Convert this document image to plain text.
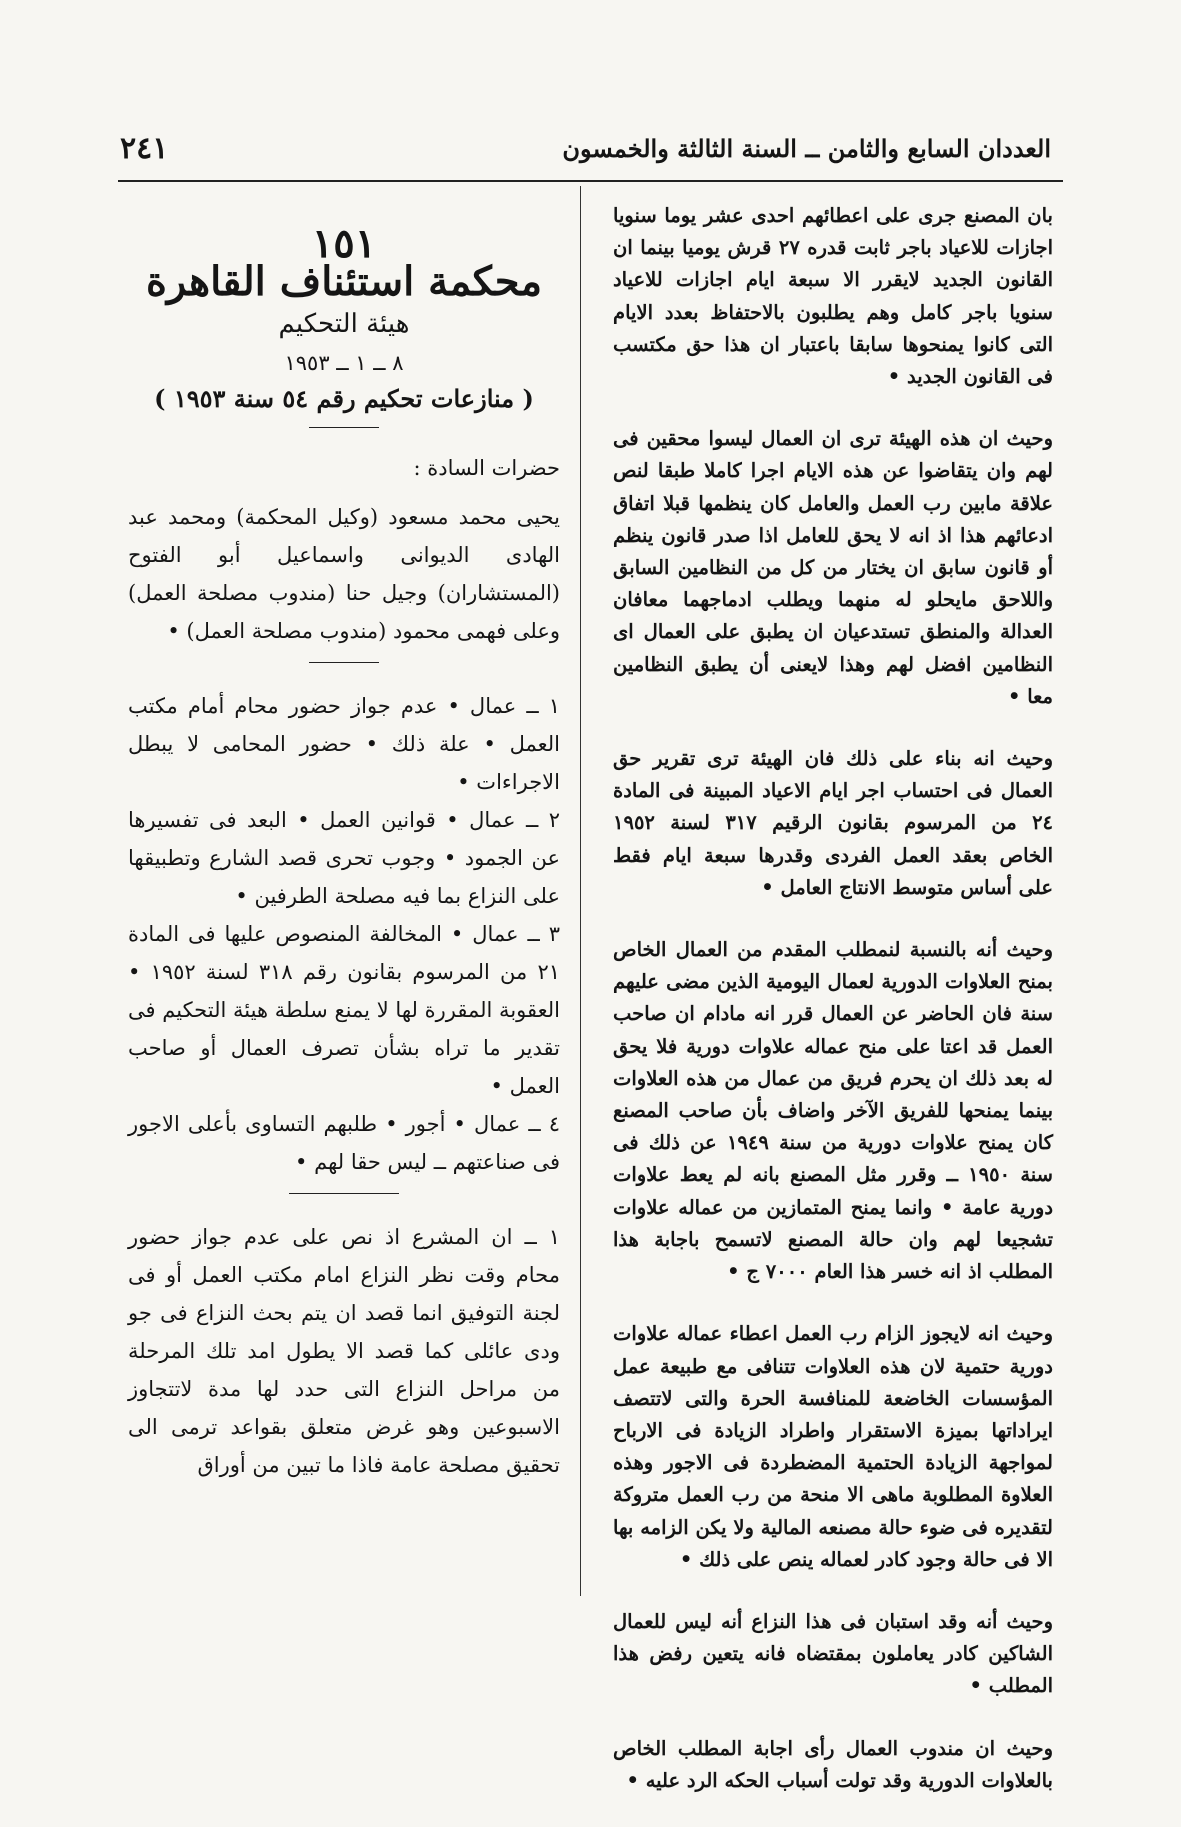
العددان السابع والثامن ــ السنة الثالثة والخمسون
٢٤١

بان المصنع جرى على اعطائهم احدى عشر يوما سنويا اجازات للاعياد باجر ثابت قدره ٢٧ قرش يوميا بينما ان القانون الجديد لايقرر الا سبعة ايام اجازات للاعياد سنويا باجر كامل وهم يطلبون بالاحتفاظ بعدد الايام التى كانوا يمنحوها سابقا باعتبار ان هذا حق مكتسب فى القانون الجديد •

وحيث ان هذه الهيئة ترى ان العمال ليسوا محقين فى لهم وان يتقاضوا عن هذه الايام اجرا كاملا طبقا لنص علاقة مابين رب العمل والعامل كان ينظمها قبلا اتفاق ادعائهم هذا اذ انه لا يحق للعامل اذا صدر قانون ينظم أو قانون سابق ان يختار من كل من النظامين السابق واللاحق مايحلو له منهما ويطلب ادماجهما معافان العدالة والمنطق تستدعيان ان يطبق على العمال اى النظامين افضل لهم وهذا لايعنى أن يطبق النظامين معا •

وحيث انه بناء على ذلك فان الهيئة ترى تقرير حق العمال فى احتساب اجر ايام الاعياد المبينة فى المادة ٢٤ من المرسوم بقانون الرقيم ٣١٧ لسنة ١٩٥٢ الخاص بعقد العمل الفردى وقدرها سبعة ايام فقط على أساس متوسط الانتاج العامل •

وحيث أنه بالنسبة لنمطلب المقدم من العمال الخاص بمنح العلاوات الدورية لعمال اليومية الذين مضى عليهم سنة فان الحاضر عن العمال قرر انه مادام ان صاحب العمل قد اعتا على منح عماله علاوات دورية فلا يحق له بعد ذلك ان يحرم فريق من عمال من هذه العلاوات بينما يمنحها للفريق الآخر واضاف بأن صاحب المصنع كان يمنح علاوات دورية من سنة ١٩٤٩ عن ذلك فى سنة ١٩٥٠ ــ وقرر مثل المصنع بانه لم يعط علاوات دورية عامة • وانما يمنح المتمازين من عماله علاوات تشجيعا لهم وان حالة المصنع لاتسمح باجابة هذا المطلب اذ انه خسر هذا العام ٧٠٠٠ ج •

وحيث انه لايجوز الزام رب العمل اعطاء عماله علاوات دورية حتمية لان هذه العلاوات تتنافى مع طبيعة عمل المؤسسات الخاضعة للمنافسة الحرة والتى لاتتصف ايراداتها بميزة الاستقرار واطراد الزيادة فى الارباح لمواجهة الزيادة الحتمية المضطردة فى الاجور وهذه العلاوة المطلوبة ماهى الا منحة من رب العمل متروكة لتقديره فى ضوء حالة مصنعه المالية ولا يكن الزامه بها الا فى حالة وجود كادر لعماله ينص على ذلك •

وحيث أنه وقد استبان فى هذا النزاع أنه ليس للعمال الشاكين كادر يعاملون بمقتضاه فانه يتعين رفض هذا المطلب •

وحيث ان مندوب العمال رأى اجابة المطلب الخاص بالعلاوات الدورية وقد تولت أسباب الحكه الرد عليه •

١٥١
محكمة استئناف القاهرة
هيئة التحكيم
٨ ــ ١ ــ ١٩٥٣
( منازعات تحكيم رقم ٥٤ سنة ١٩٥٣ )
حضرات السادة :

يحيى محمد مسعود (وكيل المحكمة) ومحمد عبد الهادى الديوانى واسماعيل أبو الفتوح (المستشاران) وجيل حنا (مندوب مصلحة العمل) وعلى فهمى محمود (مندوب مصلحة العمل) •

١ ــ عمال • عدم جواز حضور محام أمام مكتب العمل • علة ذلك • حضور المحامى لا يبطل الاجراءات •

٢ ــ عمال • قوانين العمل • البعد فى تفسيرها عن الجمود • وجوب تحرى قصد الشارع وتطبيقها على النزاع بما فيه مصلحة الطرفين •

٣ ــ عمال • المخالفة المنصوص عليها فى المادة ٢١ من المرسوم بقانون رقم ٣١٨ لسنة ١٩٥٢ • العقوبة المقررة لها لا يمنع سلطة هيئة التحكيم فى تقدير ما تراه بشأن تصرف العمال أو صاحب العمل •

٤ ــ عمال • أجور • طلبهم التساوى بأعلى الاجور فى صناعتهم ــ ليس حقا لهم •

١ ــ ان المشرع اذ نص على عدم جواز حضور محام وقت نظر النزاع امام مكتب العمل أو فى لجنة التوفيق انما قصد ان يتم بحث النزاع فى جو ودى عائلى كما قصد الا يطول امد تلك المرحلة من مراحل النزاع التى حدد لها مدة لاتتجاوز الاسبوعين وهو غرض متعلق بقواعد ترمى الى تحقيق مصلحة عامة فاذا ما تبين من أوراق
